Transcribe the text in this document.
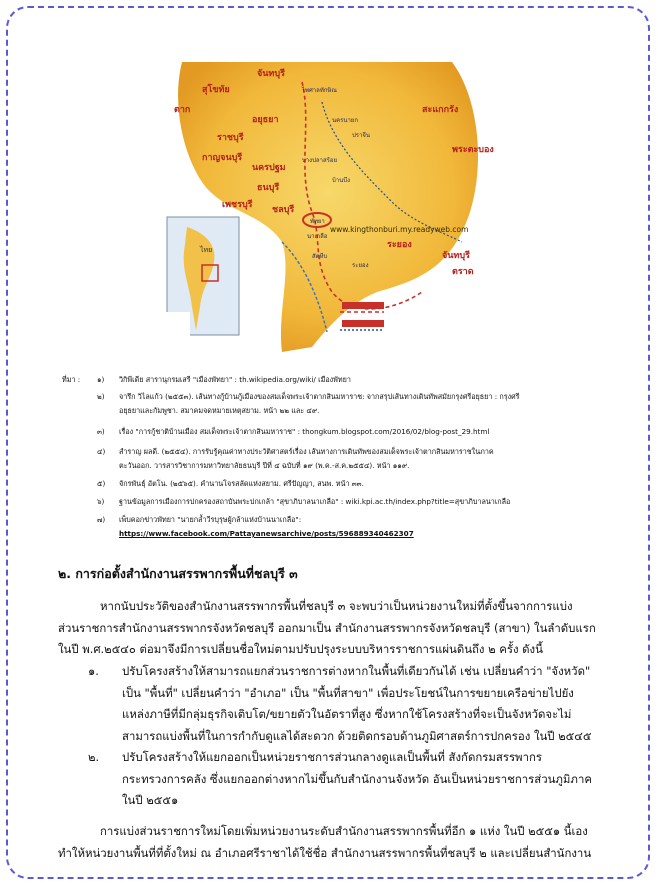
ไทย
www.kingthonburi.my.readyweb.com
จันทบุรี
สุโขทัย
ตาก
อยุธยา
ราชบุรี
กาญจนบุรี
นครปฐม
ธนบุรี
เพชรบุรี ชลบุรี
ระยอง
จันทบุรี
ตราด
พระตะบอง
สะแกกรัง
ไพศาลทักษิณ
นครนายก
ปราจีน
บางปลาสร้อย
บ้านบึง
พัทยา
นาเกลือ
สัตหีบ
ระยอง
ที่มา : ๑)	วิกิพีเดีย สารานุกรมเสรี "เมืองพัทยา" : th.wikipedia.org/wiki/ เมืองพัทยา
๒)	จารึก วิไลแก้ว (๒๕๕๓). เส้นทางกู้บ้านกู้เมืองของสมเด็จพระเจ้าตากสินมหาราช: จากสรุปเส้นทางเดินทัพสมัยกรุงศรีอยุธยา : กรุงศรี
อยุธยาและกัมพูชา. สมาคมจดหมายเหตุสยาม. หน้า ๒๒ และ ๔๙.
๓)	เรื่อง "การกู้ชาติบ้านเมือง สมเด็จพระเจ้าตากสินมหาราช" : thongkum.blogspot.com/2016/02/blog-post_29.html
๔)	สำราญ ผลดี. (๒๕๕๔). การรับรู้คุณค่าทางประวัติศาสตร์เรื่อง เส้นทางการเดินทัพของสมเด็จพระเจ้าตากสินมหาราชในภาค
ตะวันออก. วารสารวิชาการมหาวิทยาลัยธนบุรี ปีที่ ๔ ฉบับที่ ๑๙ (พ.ค.-ส.ค.๒๕๕๔). หน้า ๑๑๙.
๕)	จักรพันธุ์ อัตโน. (๒๕๖๕). คำนานโจรสลัดแห่งสยาม. ศรีปัญญา, สนพ. หน้า ๓๓.
๖)	ฐานข้อมูลการเมืองการปกครองสถาบันพระปกเกล้า "สุขาภิบาลนาเกลือ" : wiki.kpi.ac.th/index.php?title=สุขาภิบาลนาเกลือ
๗)	เพ็บคอกข่าวพัทยา "นายกล้ำวีรบุรุษผู้กล้าแห่งบ้านนาเกลือ":
https://www.facebook.com/Pattayanewsarchive/posts/596889340462307
๒. การก่อตั้งสำนักงานสรรพากรพื้นที่ชลบุรี ๓
หากนับประวัติของสำนักงานสรรพากรพื้นที่ชลบุรี ๓ จะพบว่าเป็นหน่วยงานใหม่ที่ตั้งขึ้นจากการแบ่ง
ส่วนราชการสำนักงานสรรพากรจังหวัดชลบุรี ออกมาเป็น สำนักงานสรรพากรจังหวัดชลบุรี (สาขา) ในลำดับแรก
ในปี พ.ศ.๒๕๔๐ ต่อมาจึงมีการเปลี่ยนชื่อใหม่ตามปรับปรุงระบบบริหารราชการแผ่นดินถึง ๒ ครั้ง ดังนี้
๑. ปรับโครงสร้างให้สามารถแยกส่วนราชการต่างหากในพื้นที่เดียวกันได้ เช่น เปลี่ยนคำว่า "จังหวัด"
เป็น "พื้นที่" เปลี่ยนคำว่า "อำเภอ" เป็น "พื้นที่สาขา" เพื่อประโยชน์ในการขยายเครือข่ายไปยัง
แหล่งภาษีที่มีกลุ่มธุรกิจเติบโต/ขยายตัวในอัตราที่สูง ซึ่งหากใช้โครงสร้างที่จะเป็นจังหวัดจะไม่
สามารถแบ่งพื้นที่ในการกำกับดูแลได้สะดวก ด้วยติดกรอบด้านภูมิศาสตร์การปกครอง ในปี ๒๕๔๕
๒. ปรับโครงสร้างให้แยกออกเป็นหน่วยราชการส่วนกลางดูแลเป็นพื้นที่ สังกัดกรมสรรพากร
กระทรวงการคลัง ซึ่งแยกออกต่างหากไม่ขึ้นกับสำนักงานจังหวัด อันเป็นหน่วยราชการส่วนภูมิภาค
ในปี ๒๕๕๑
การแบ่งส่วนราชการใหม่โดยเพิ่มหน่วยงานระดับสำนักงานสรรพากรพื้นที่อีก ๑ แห่ง ในปี ๒๕๕๑ นี้เอง
ทำให้หน่วยงานพื้นที่ที่ตั้งใหม่ ณ อำเภอศรีราชาได้ใช้ชื่อ สำนักงานสรรพากรพื้นที่ชลบุรี ๒ และเปลี่ยนสำนักงาน
